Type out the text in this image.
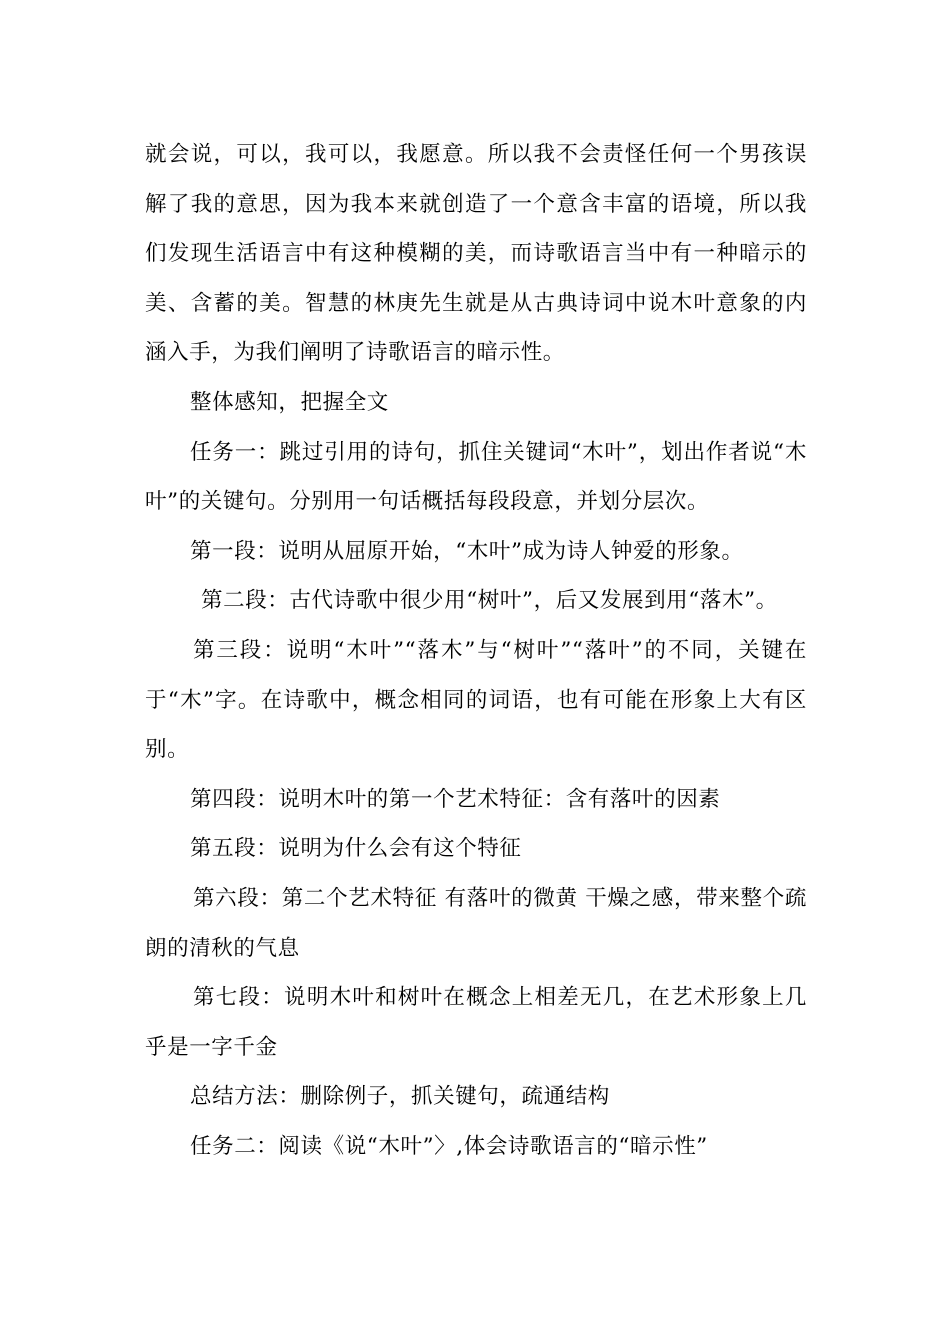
就会说，可以，我可以，我愿意。所以我不会责怪任何一个男孩误解了我的意思，因为我本来就创造了一个意含丰富的语境，所以我们发现生活语言中有这种模糊的美，而诗歌语言当中有一种暗示的美、含蓄的美。智慧的林庚先生就是从古典诗词中说木叶意象的内涵入手，为我们阐明了诗歌语言的暗示性。

整体感知，把握全文

任务一：跳过引用的诗句，抓住关键词“木叶”，划出作者说“木叶”的关键句。分别用一句话概括每段段意，并划分层次。

第一段：说明从屈原开始，“木叶”成为诗人钟爱的形象。

第二段：古代诗歌中很少用“树叶”，后又发展到用“落木”。

第三段：说明“木叶”“落木”与“树叶”“落叶”的不同，关键在于“木”字。在诗歌中，概念相同的词语，也有可能在形象上大有区别。

第四段：说明木叶的第一个艺术特征：含有落叶的因素

第五段：说明为什么会有这个特征

第六段：第二个艺术特征 有落叶的微黄 干燥之感，带来整个疏朗的清秋的气息

第七段：说明木叶和树叶在概念上相差无几，在艺术形象上几乎是一字千金

总结方法：删除例子，抓关键句，疏通结构

任务二：阅读《说“木叶”〉,体会诗歌语言的“暗示性”
